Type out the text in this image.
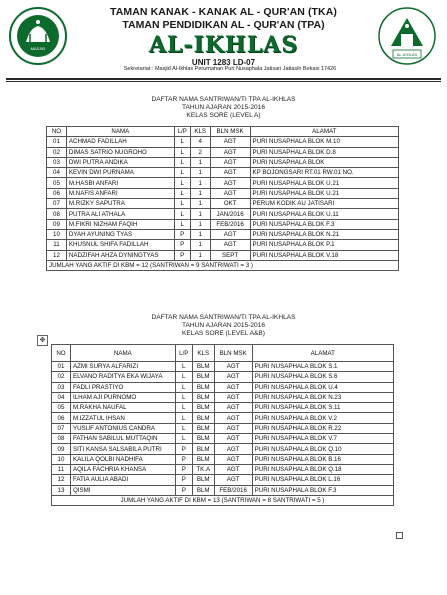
MASJID
TAMAN KANAK - KANAK AL - QUR'AN (TKA)
TAMAN PENDIDIKAN AL - QUR'AN (TPA)
AL-IKHLAS
UNIT 1283 LD-07
AL-IKHLAS
Sekretariat : Masjid Al-Ikhlas Perumahan Puri Nusaphala Jatisari Jatiasih Bekasi 17426
DAFTAR NAMA SANTRIWAN/TI TPA AL-IKHLAS
TAHUN AJARAN 2015-2016
KELAS SORE (LEVEL A)
NO	NAMA	L/P	KLS	BLN MSK	ALAMAT
01	ACHMAD FADILLAH	L	4	AGT	PURI NUSAPHALA BLOK M.10
02	DIMAS SATRIO NUGROHO	L	2	AGT	PURI NUSAPHALA BLOK D.8
03	DWI PUTRA ANDIKA	L	1	AGT	PURI NUSAPHALA BLOK
04	KEVIN DWI PURNAMA	L	1	AGT	KP BOJONGSARI RT.01 RW.01 NO.
05	M.HASBI ANFARI	L	1	AGT	PURI NUSAPHALA BLOK U.21
06	M.NAFIS ANFARI	L	1	AGT	PURI NUSAPHALA BLOK U.21
07	M.RIZKY SAPUTRA	L	1	OKT	PERUM KODIK AU JATISARI
08	PUTRA ALI ATHALA	L	1	JAN/2016	PURI NUSAPHALA BLOK U.11
09	M.FIKRI NIZHAM FAQIH	L	1	FEB/2016	PURI NUSAPHALA BLOK F.3
10	DYAH AYUNING TYAS	P	1	AGT	PURI NUSAPHALA BLOK N.21
11	KHUSNUL SHIFA FADILLAH	P	1	AGT	PURI NUSAPHALA BLOK P.1
12	NADZIFAH AHZA DYNINGTYAS	P	1	SEPT	PURI NUSAPHALA BLOK V.18
JUMLAH YANG AKTIF DI KBM = 12 (SANTRIWAN = 9 SANTRIWATI = 3 )					
DAFTAR NAMA SANTRIWAN/TI TPA AL-IKHLAS
TAHUN AJARAN 2015-2016
KELAS SORE (LEVEL A&B)
✥
NO	NAMA	L/P	KLS	BLN MSK	ALAMAT
01	AZMI SURYA ALFARIZI	L	BLM	AGT	PURI NUSAPHALA BLOK S.1
02	ELVANO RADITYA EKA WIJAYA	L	BLM	AGT	PURI NUSAPHALA BLOK S.6
03	FADLI PRASTIYO	L	BLM	AGT	PURI NUSAPHALA BLOK U.4
04	ILHAM AJI PURNOMO	L	BLM	AGT	PURI NUSAPHALA BLOK N.23
05	M.RAKHA NAUFAL	L	BLM	AGT	PURI NUSAPHALA BLOK S.11
06	M.IZZATUL IHSAN	L	BLM	AGT	PURI NUSAPHALA BLOK V.2
07	YUSUF ANTONIUS CANDRA	L	BLM	AGT	PURI NUSAPHALA BLOK R.22
08	FATHAN SABILUL MUTTAQIN	L	BLM	AGT	PURI NUSAPHALA BLOK V.7
09	SITI KANSA SALSABILA PUTRI	P	BLM	AGT	PURI NUSAPHALA BLOK Q.10
10	KALILA QOLBI NADHIFA	P	BLM	AGT	PURI NUSAPHALA BLOK B.16
11	AQILA FACHRIA KHANSA	P	TK.A	AGT	PURI NUSAPHALA BLOK Q.18
12	FATIA AULIA ABADI	P	BLM	AGT	PURI NUSAPHALA BLOK L.16
13	QISMI	P	BLM	FEB/2016	PURI NUSAPHALA BLOK F.3
JUMLAH YANG AKTIF DI KBM = 13 (SANTRIWAN = 8 SANTRIWATI = 5 )					
